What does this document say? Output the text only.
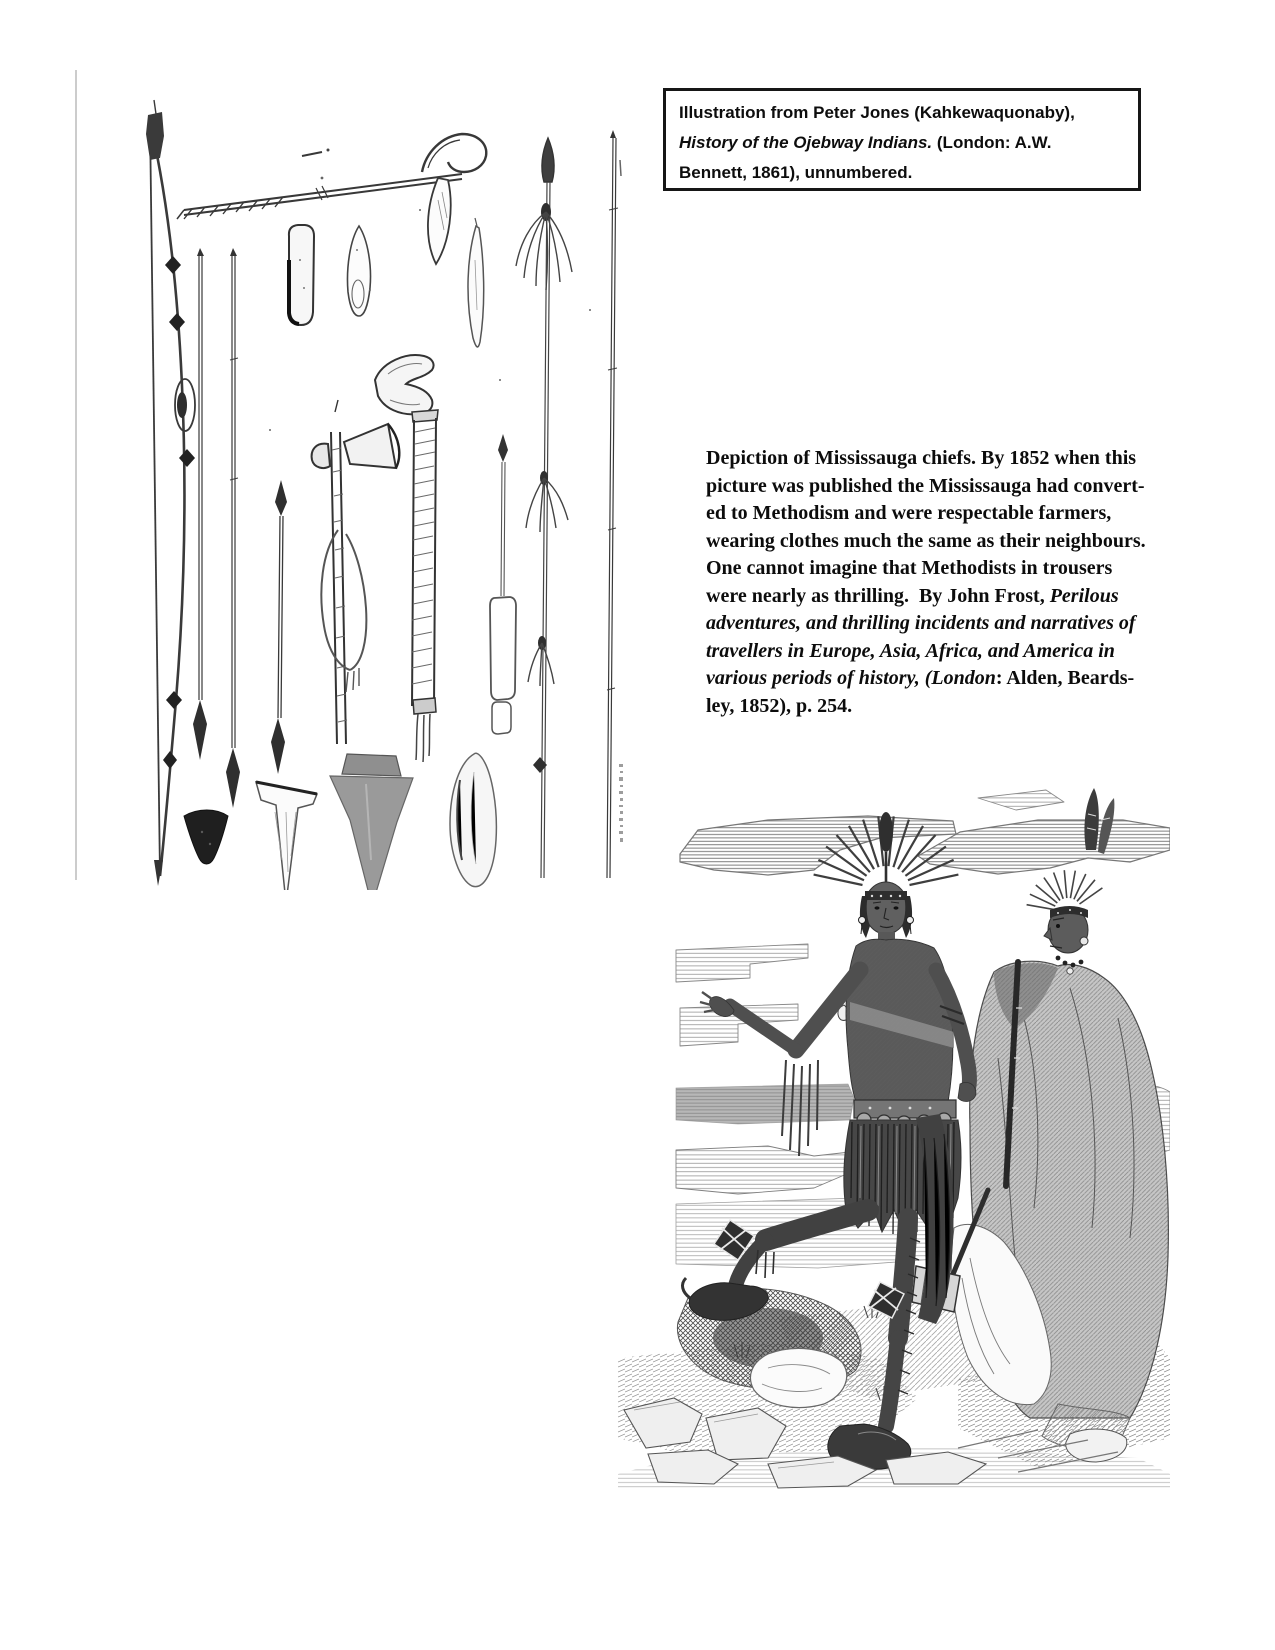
Illustration from Peter Jones (Kahkewaquonaby),
History of the Ojebway Indians. (London: A.W.
Bennett, 1861), unnumbered.
Depiction of Mississauga chiefs. By 1852 when this
picture was published the Mississauga had convert-
ed to Methodism and were respectable farmers,
wearing clothes much the same as their neighbours.
One cannot imagine that Methodists in trousers
were nearly as thrilling.  By John Frost, Perilous
adventures, and thrilling incidents and narratives of
travellers in Europe, Asia, Africa, and America in
various periods of history, (London: Alden, Beards-
ley, 1852), p. 254.
